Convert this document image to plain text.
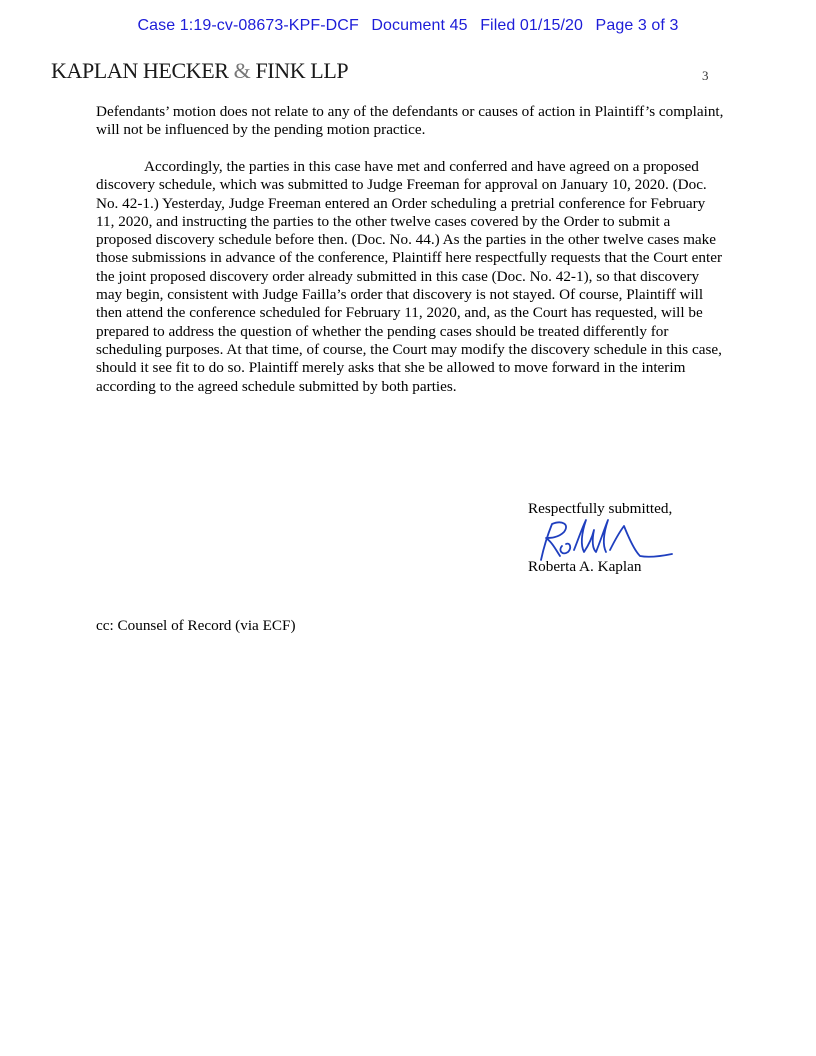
Case 1:19-cv-08673-KPF-DCF Document 45 Filed 01/15/20 Page 3 of 3
KAPLAN HECKER & FINK LLP	3
Defendants’ motion does not relate to any of the defendants or causes of action in Plaintiff’s complaint, will not be influenced by the pending motion practice.
Accordingly, the parties in this case have met and conferred and have agreed on a proposed discovery schedule, which was submitted to Judge Freeman for approval on January 10, 2020. (Doc. No. 42-1.) Yesterday, Judge Freeman entered an Order scheduling a pretrial conference for February 11, 2020, and instructing the parties to the other twelve cases covered by the Order to submit a proposed discovery schedule before then. (Doc. No. 44.) As the parties in the other twelve cases make those submissions in advance of the conference, Plaintiff here respectfully requests that the Court enter the joint proposed discovery order already submitted in this case (Doc. No. 42-1), so that discovery may begin, consistent with Judge Failla’s order that discovery is not stayed. Of course, Plaintiff will then attend the conference scheduled for February 11, 2020, and, as the Court has requested, will be prepared to address the question of whether the pending cases should be treated differently for scheduling purposes. At that time, of course, the Court may modify the discovery schedule in this case, should it see fit to do so. Plaintiff merely asks that she be allowed to move forward in the interim according to the agreed schedule submitted by both parties.
Respectfully submitted,
Roberta A. Kaplan
cc: Counsel of Record (via ECF)
